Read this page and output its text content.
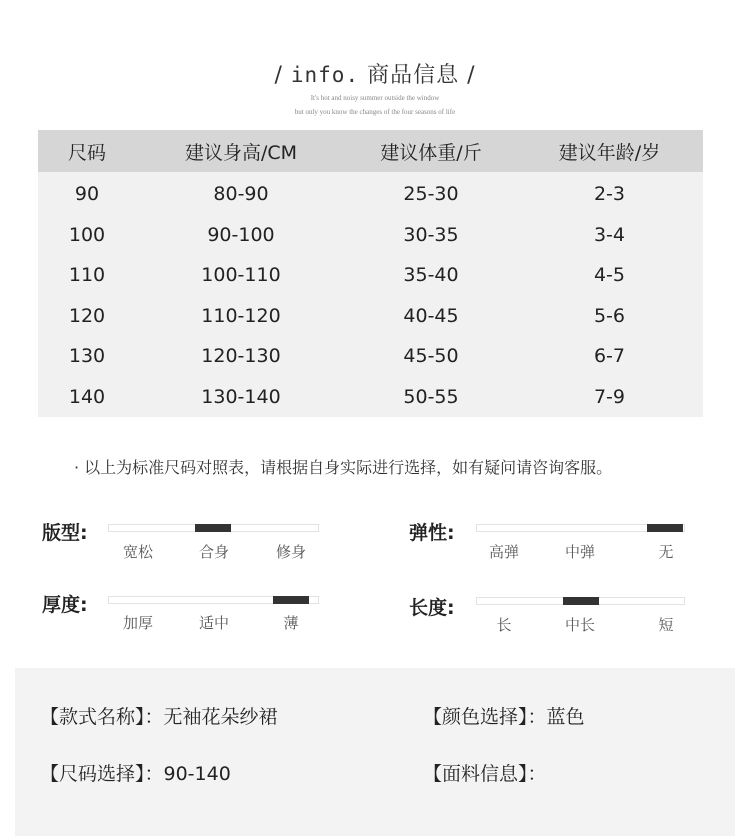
/ info. 商品信息 /
It's hot and noisy summer outside the window
but only you know the changes of the four seasons of life
尺码	建议身高/CM	建议体重/斤	建议年龄/岁
90	80-90	25-30	2-3
100	90-100	30-35	3-4
110	100-110	35-40	4-5
120	110-120	40-45	5-6
130	120-130	45-50	6-7
140	130-140	50-55	7-9
· 以上为标准尺码对照表，请根据自身实际进行选择，如有疑问请咨询客服。
版型:
宽松	合身	修身
弹性:
高弹	中弹	无
厚度:
加厚	适中	薄
长度:
长	中长	短
【款式名称】：无袖花朵纱裙	【颜色选择】：蓝色
【尺码选择】：90-140	【面料信息】：
